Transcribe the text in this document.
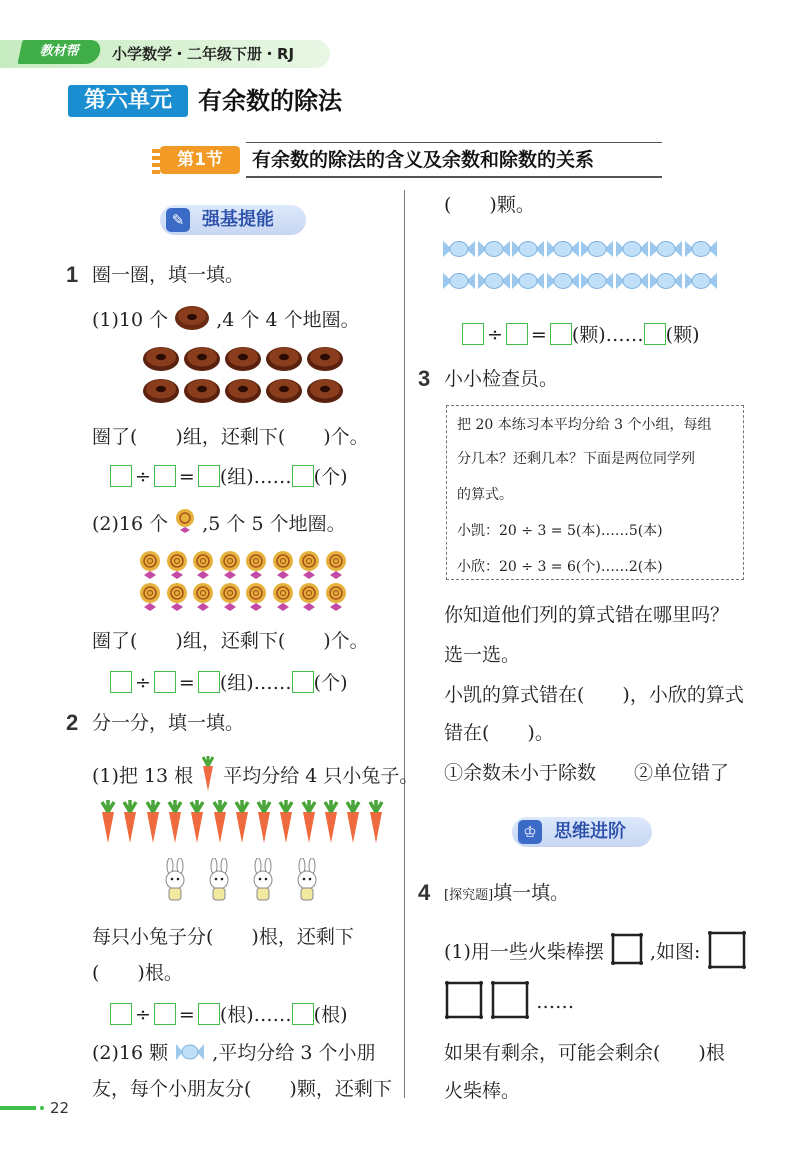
教材帮	小学数学・二年级下册・RJ
第六单元	有余数的除法
第1节	有余数的除法的含义及余数和除数的关系
✎ 强基提能
1 圈一圈，填一填。
(1)10 个	,4 个 4 个地圈。
圈了(　　)组，还剩下(　　)个。
÷ = (组)…… (个)
(2)16 个 ,5 个 5 个地圈。
圈了(　　)组，还剩下(　　)个。
÷ = (组)…… (个)
2 分一分，填一填。
(1)把 13 根 平均分给 4 只小兔子。
每只小兔子分(　　)根，还剩下
(　　)根。
÷ = (根)…… (根)
(2)16 颗 ,平均分给 3 个小朋
友，每个小朋友分(　　)颗，还剩下
(　　)颗。
÷ = (颗)…… (颗)
3 小小检查员。
把 20 本练习本平均分给 3 个小组，每组
分几本？还剩几本？下面是两位同学列
的算式。
小凯：20 ÷ 3 = 5(本)……5(本)
小欣：20 ÷ 3 = 6(个)……2(本)
你知道他们列的算式错在哪里吗？
选一选。
小凯的算式错在(　　)，小欣的算式
错在(　　)。
①余数未小于除数　　②单位错了
♔ 思维进阶
4 [探究题]填一填。
(1)用一些火柴棒摆 ,如图:
……
如果有剩余，可能会剩余(　　)根
火柴棒。
22
